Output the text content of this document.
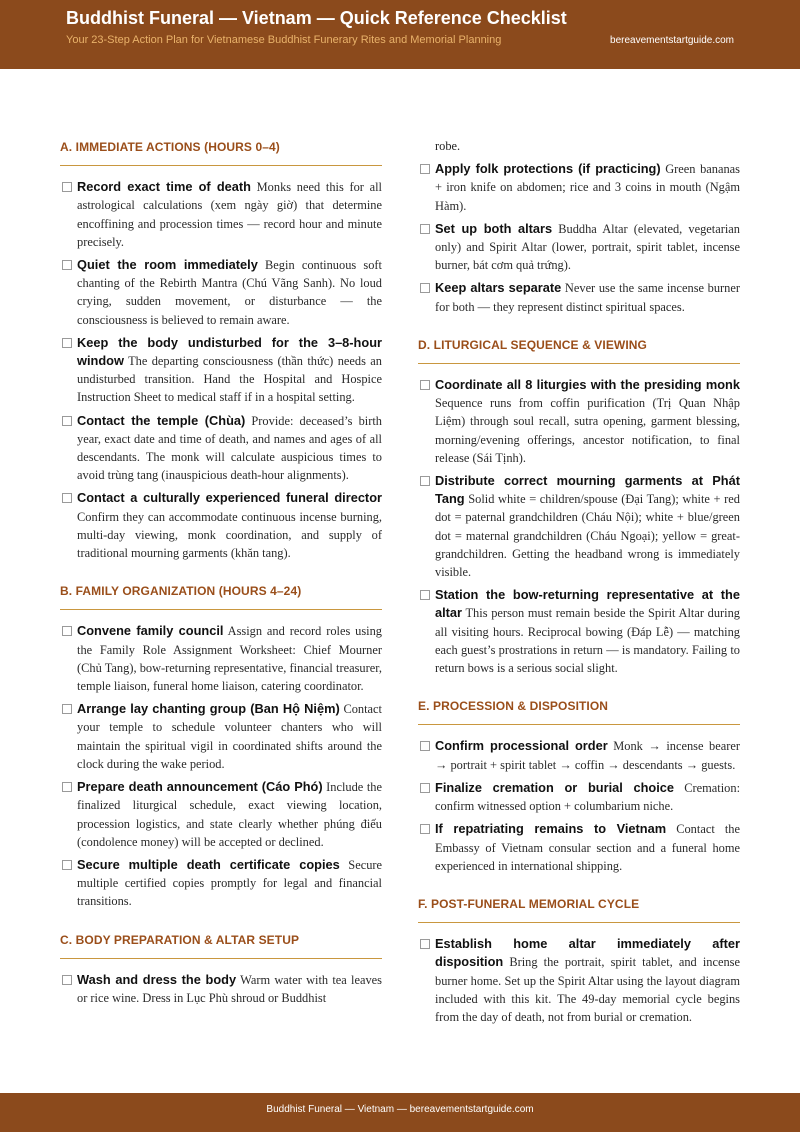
Buddhist Funeral — Vietnam — Quick Reference Checklist
Your 23-Step Action Plan for Vietnamese Buddhist Funerary Rites and Memorial Planning	bereavementstartguide.com
A. IMMEDIATE ACTIONS (HOURS 0–4)
Record exact time of death Monks need this for all astrological calculations (xem ngày giờ) that determine encoffining and procession times — record hour and minute precisely.
Quiet the room immediately Begin continuous soft chanting of the Rebirth Mantra (Chú Vãng Sanh). No loud crying, sudden movement, or disturbance — the consciousness is believed to remain aware.
Keep the body undisturbed for the 3–8-hour window The departing consciousness (thần thức) needs an undisturbed transition. Hand the Hospital and Hospice Instruction Sheet to medical staff if in a hospital setting.
Contact the temple (Chùa) Provide: deceased’s birth year, exact date and time of death, and names and ages of all descendants. The monk will calculate auspicious times to avoid trùng tang (inauspicious death-hour alignments).
Contact a culturally experienced funeral director Confirm they can accommodate continuous incense burning, multi-day viewing, monk coordination, and supply of traditional mourning garments (khăn tang).
B. FAMILY ORGANIZATION (HOURS 4–24)
Convene family council Assign and record roles using the Family Role Assignment Worksheet: Chief Mourner (Chủ Tang), bow-returning representative, financial treasurer, temple liaison, funeral home liaison, catering coordinator.
Arrange lay chanting group (Ban Hộ Niệm) Contact your temple to schedule volunteer chanters who will maintain the spiritual vigil in coordinated shifts around the clock during the wake period.
Prepare death announcement (Cáo Phó) Include the finalized liturgical schedule, exact viewing location, procession logistics, and state clearly whether phúng điếu (condolence money) will be accepted or declined.
Secure multiple death certificate copies Secure multiple certified copies promptly for legal and financial transitions.
C. BODY PREPARATION & ALTAR SETUP
Wash and dress the body Warm water with tea leaves or rice wine. Dress in Lục Phù shroud or Buddhist
robe.
Apply folk protections (if practicing) Green bananas + iron knife on abdomen; rice and 3 coins in mouth (Ngậm Hàm).
Set up both altars Buddha Altar (elevated, vegetarian only) and Spirit Altar (lower, portrait, spirit tablet, incense burner, bát cơm quả trứng).
Keep altars separate Never use the same incense burner for both — they represent distinct spiritual spaces.
D. LITURGICAL SEQUENCE & VIEWING
Coordinate all 8 liturgies with the presiding monk Sequence runs from coffin purification (Trị Quan Nhập Liệm) through soul recall, sutra opening, garment blessing, morning/evening offerings, ancestor notification, to final release (Sái Tịnh).
Distribute correct mourning garments at Phát Tang Solid white = children/spouse (Đại Tang); white + red dot = paternal grandchildren (Cháu Nội); white + blue/green dot = maternal grandchildren (Cháu Ngoại); yellow = great-grandchildren. Getting the headband wrong is immediately visible.
Station the bow-returning representative at the altar This person must remain beside the Spirit Altar during all visiting hours. Reciprocal bowing (Đáp Lễ) — matching each guest’s prostrations in return — is mandatory. Failing to return bows is a serious social slight.
E. PROCESSION & DISPOSITION
Confirm processional order Monk → incense bearer → portrait + spirit tablet → coffin → descendants → guests.
Finalize cremation or burial choice Cremation: confirm witnessed option + columbarium niche.
If repatriating remains to Vietnam Contact the Embassy of Vietnam consular section and a funeral home experienced in international shipping.
F. POST-FUNERAL MEMORIAL CYCLE
Establish home altar immediately after disposition Bring the portrait, spirit tablet, and incense burner home. Set up the Spirit Altar using the layout diagram included with this kit. The 49-day memorial cycle begins from the day of death, not from burial or cremation.
Buddhist Funeral — Vietnam — bereavementstartguide.com
